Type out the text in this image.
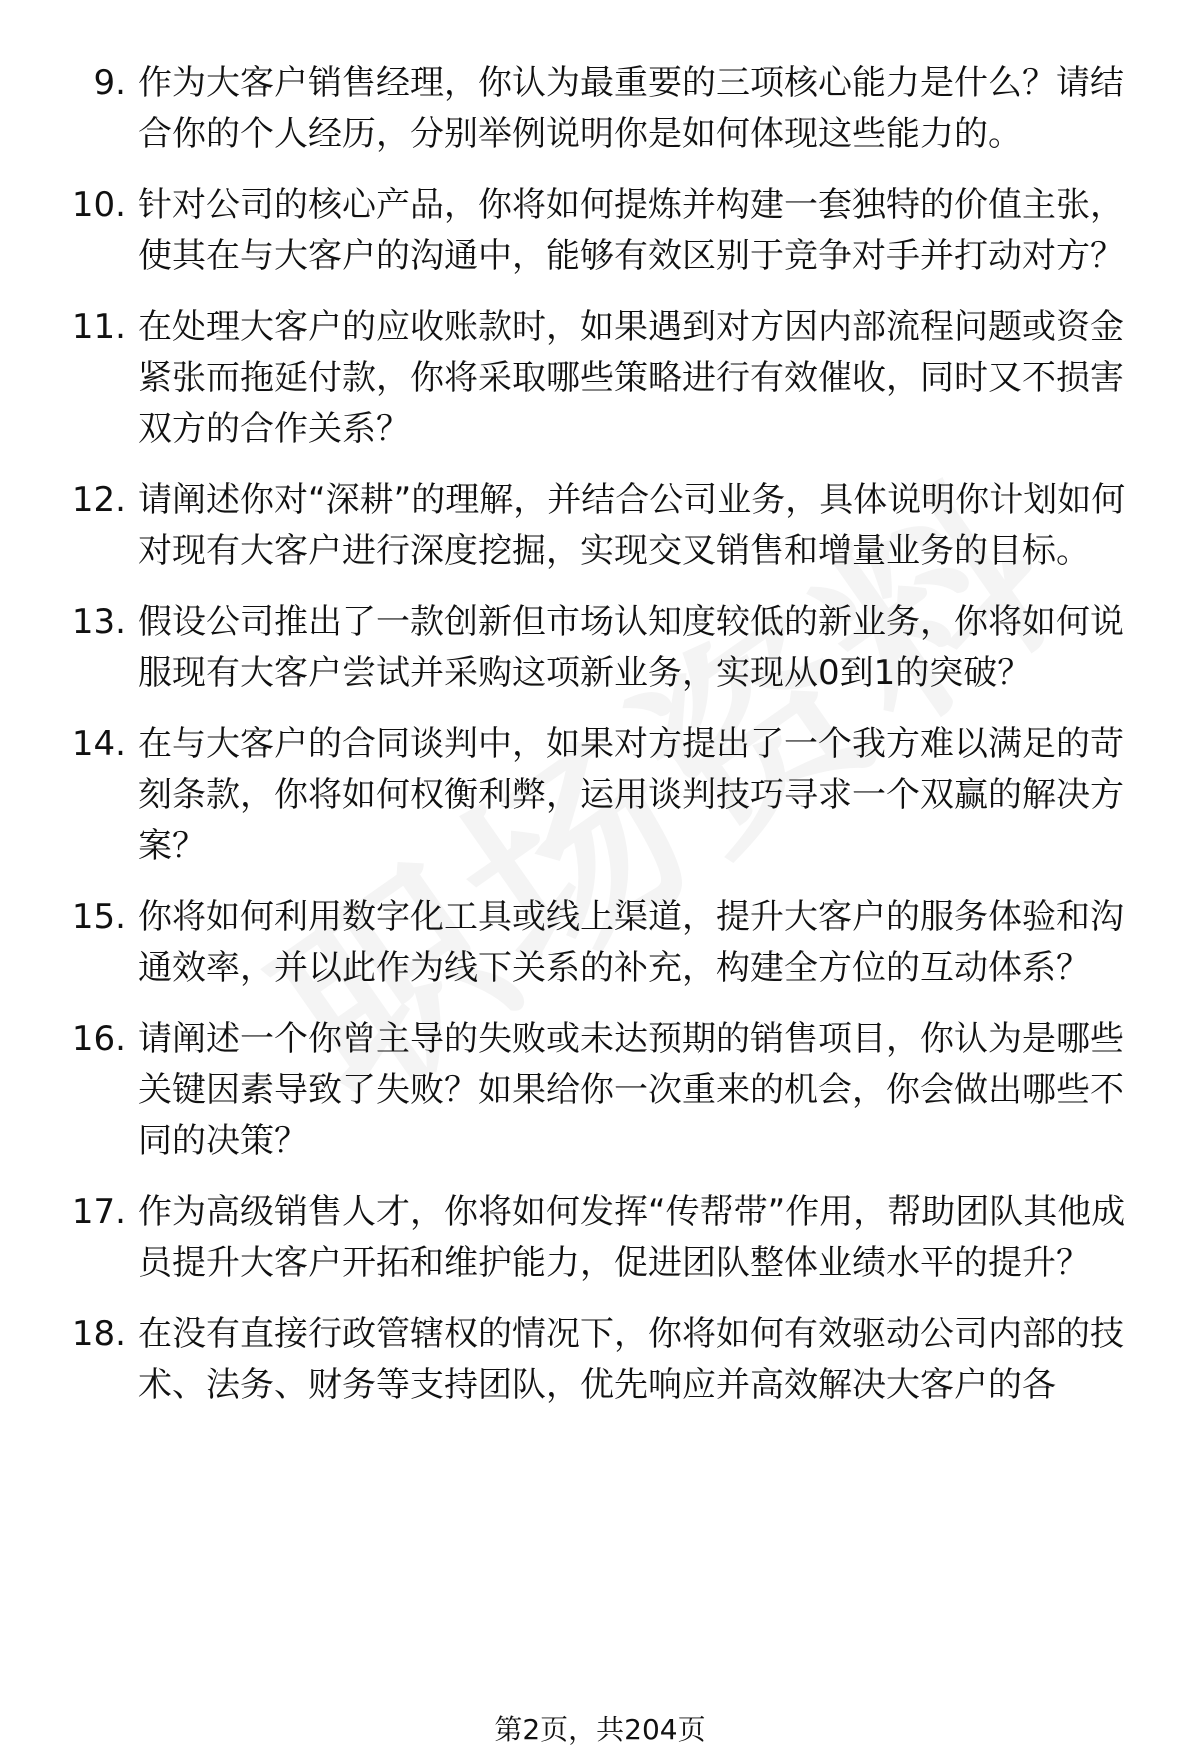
9. 作为大客户销售经理，你认为最重要的三项核心能力是什么？请结合你的个人经历，分别举例说明你是如何体现这些能力的。
10. 针对公司的核心产品，你将如何提炼并构建一套独特的价值主张，使其在与大客户的沟通中，能够有效区别于竞争对手并打动对方？
11. 在处理大客户的应收账款时，如果遇到对方因内部流程问题或资金紧张而拖延付款，你将采取哪些策略进行有效催收，同时又不损害双方的合作关系？
12. 请阐述你对“深耕”的理解，并结合公司业务，具体说明你计划如何对现有大客户进行深度挖掘，实现交叉销售和增量业务的目标。
13. 假设公司推出了一款创新但市场认知度较低的新业务，你将如何说服现有大客户尝试并采购这项新业务，实现从0到1的突破？
14. 在与大客户的合同谈判中，如果对方提出了一个我方难以满足的苛刻条款，你将如何权衡利弊，运用谈判技巧寻求一个双赢的解决方案？
15. 你将如何利用数字化工具或线上渠道，提升大客户的服务体验和沟通效率，并以此作为线下关系的补充，构建全方位的互动体系？
16. 请阐述一个你曾主导的失败或未达预期的销售项目，你认为是哪些关键因素导致了失败？如果给你一次重来的机会，你会做出哪些不同的决策？
17. 作为高级销售人才，你将如何发挥“传帮带”作用，帮助团队其他成员提升大客户开拓和维护能力，促进团队整体业绩水平的提升？
18. 在没有直接行政管辖权的情况下，你将如何有效驱动公司内部的技术、法务、财务等支持团队，优先响应并高效解决大客户的各
第2页，共204页
